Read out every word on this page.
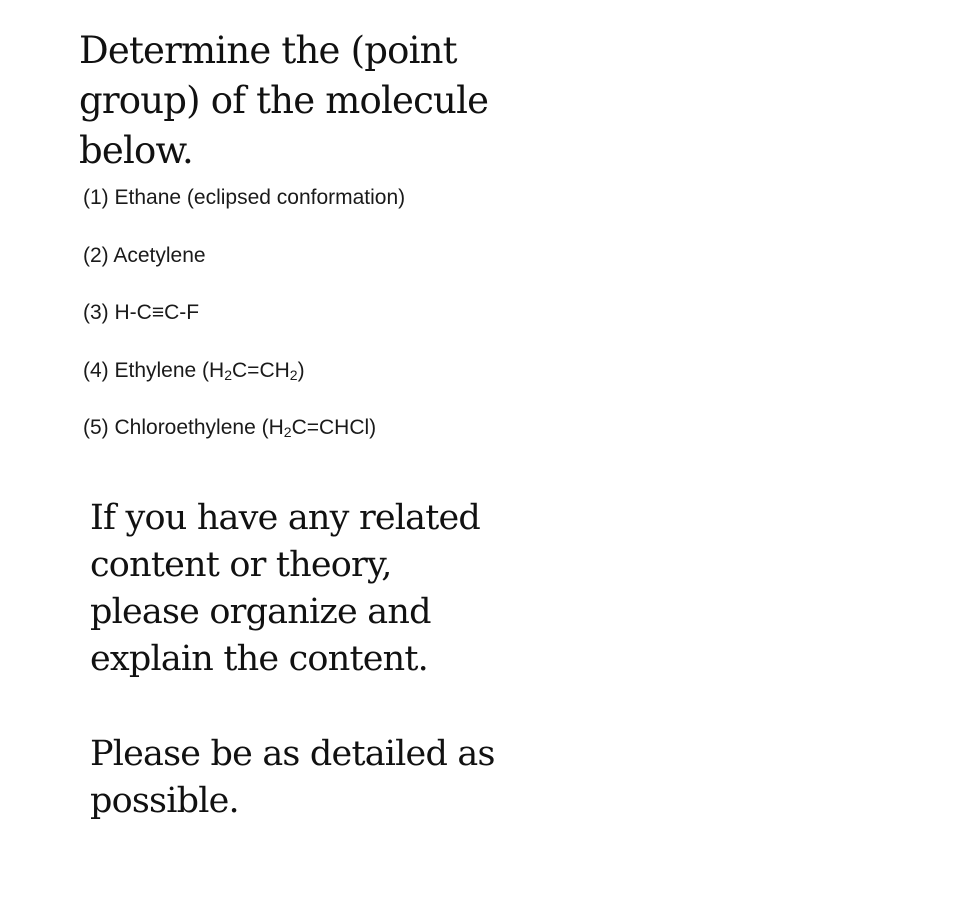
Determine the (point group) of the molecule below.

(1) Ethane (eclipsed conformation)

(2) Acetylene

(3) H-C≡C-F

(4) Ethylene $(H_2C=CH_2)$

(5) Chloroethylene $(H_2C=CHCl)$

If you have any related content or theory, please organize and explain the content.

Please be as detailed as possible.
